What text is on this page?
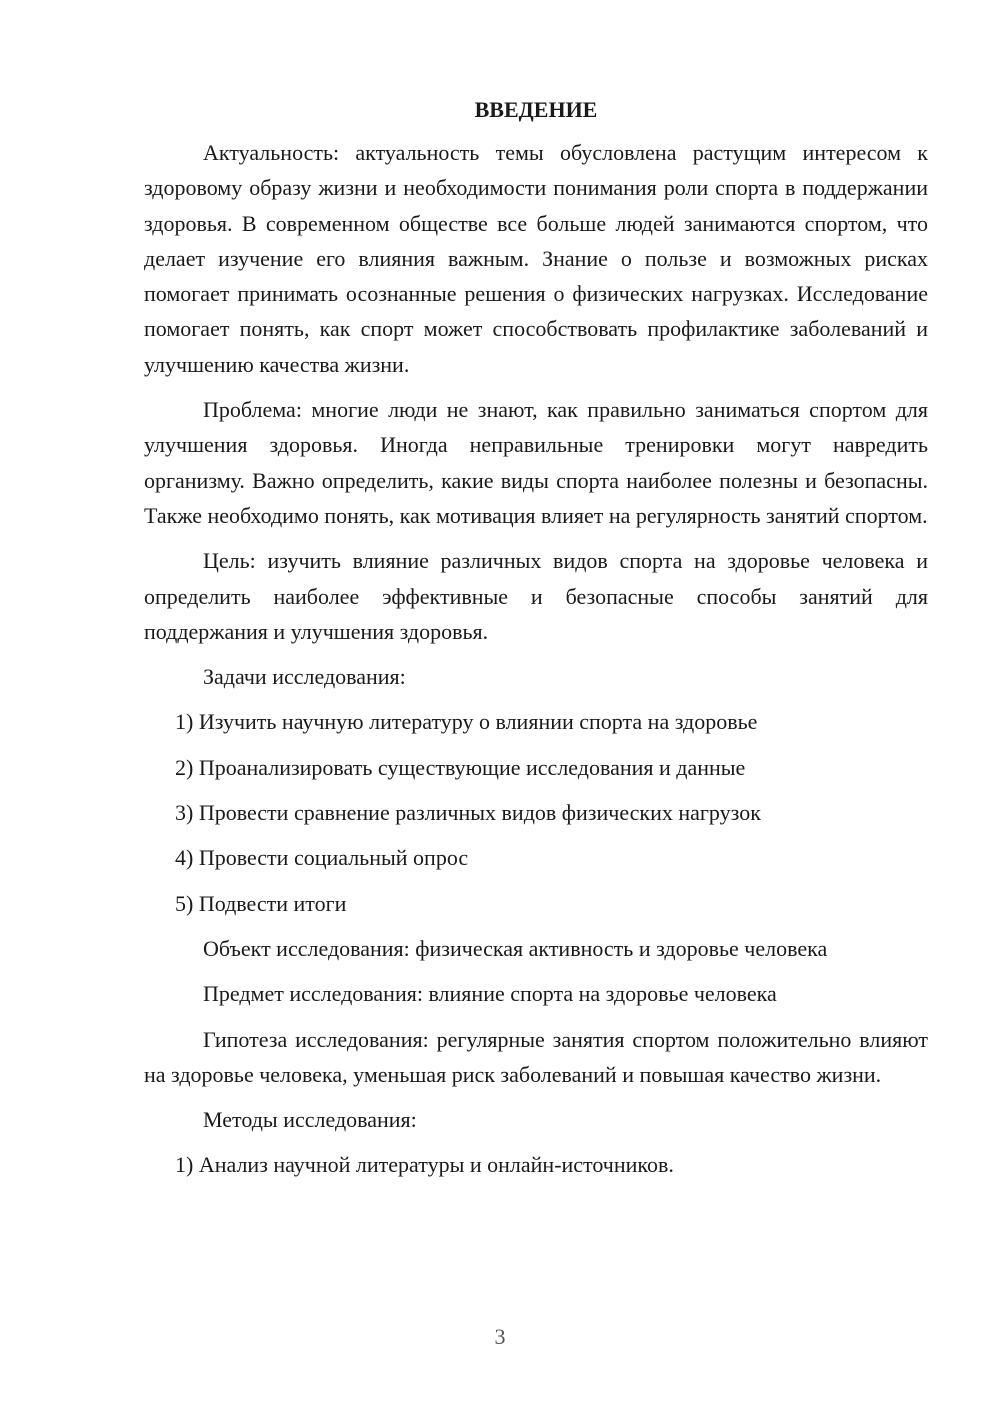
ВВЕДЕНИЕ

Актуальность: актуальность темы обусловлена растущим интересом к здоровому образу жизни и необходимости понимания роли спорта в поддержании здоровья. В современном обществе все больше людей занимаются спортом, что делает изучение его влияния важным. Знание о пользе и возможных рисках помогает принимать осознанные решения о физических нагрузках. Исследование помогает понять, как спорт может способствовать профилактике заболеваний и улучшению качества жизни.

Проблема: многие люди не знают, как правильно заниматься спортом для улучшения здоровья. Иногда неправильные тренировки могут навредить организму. Важно определить, какие виды спорта наиболее полезны и безопасны. Также необходимо понять, как мотивация влияет на регулярность занятий спортом.

Цель: изучить влияние различных видов спорта на здоровье человека и определить наиболее эффективные и безопасные способы занятий для поддержания и улучшения здоровья.

Задачи исследования:

1) Изучить научную литературу о влиянии спорта на здоровье

2) Проанализировать существующие исследования и данные

3) Провести сравнение различных видов физических нагрузок

4) Провести социальный опрос

5) Подвести итоги

Объект исследования: физическая активность и здоровье человека

Предмет исследования: влияние спорта на здоровье человека

Гипотеза исследования: регулярные занятия спортом положительно влияют на здоровье человека, уменьшая риск заболеваний и повышая качество жизни.

Методы исследования:

1) Анализ научной литературы и онлайн-источников.

3
